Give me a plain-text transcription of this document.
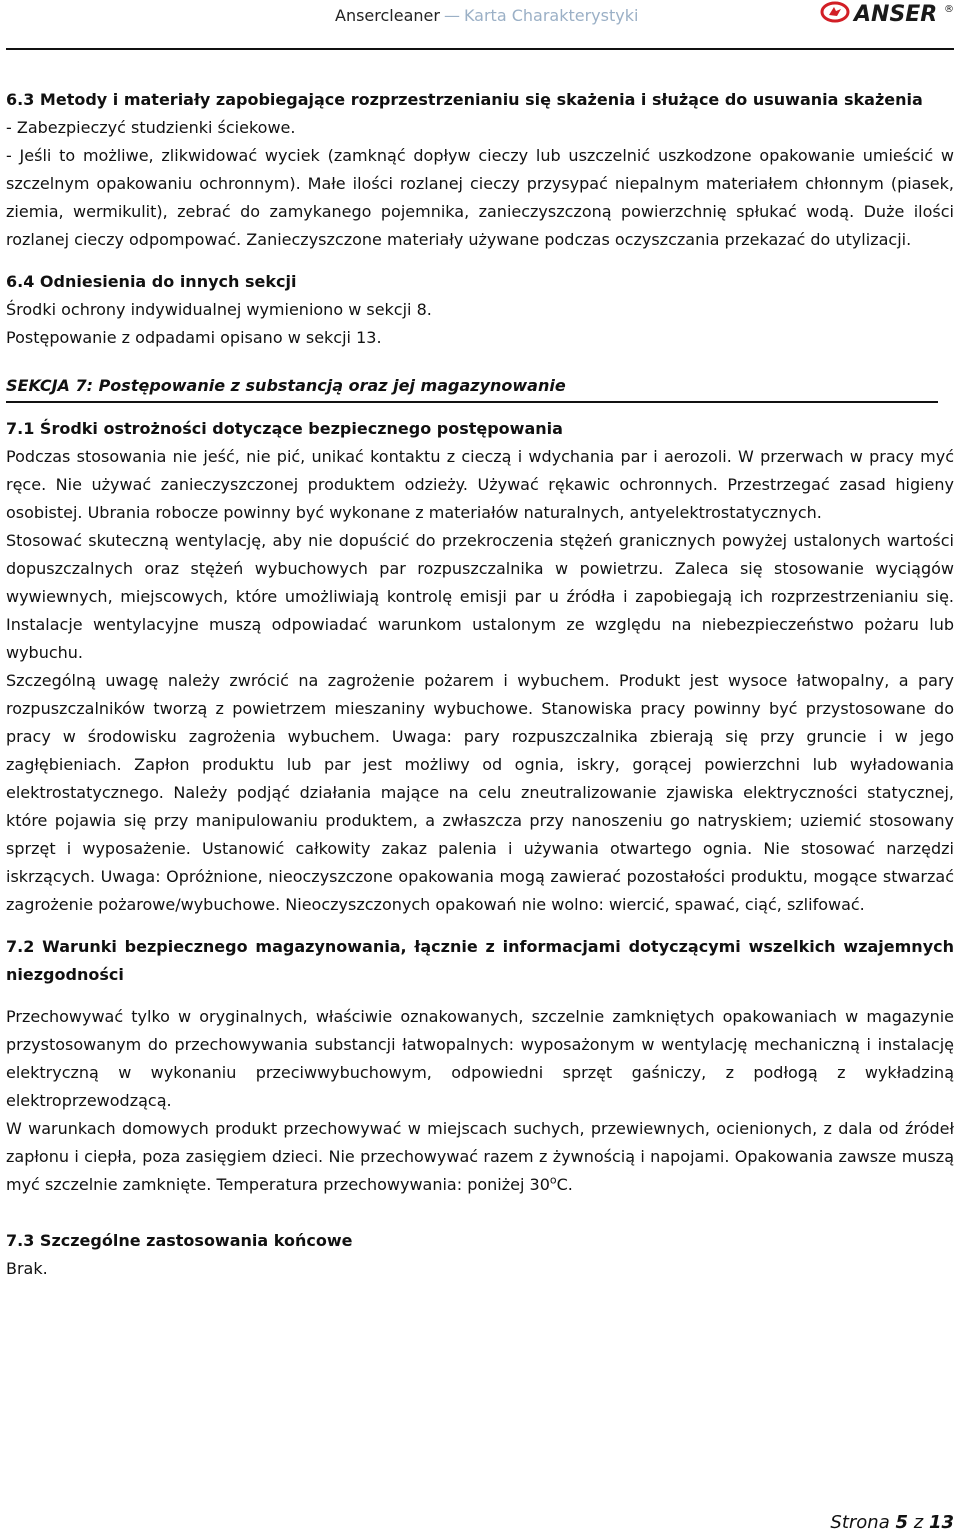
Ansercleaner — Karta Charakterystyki	ANSER ®

6.3 Metody i materiały zapobiegające rozprzestrzenianiu się skażenia i służące do usuwania skażenia

- Zabezpieczyć studzienki ściekowe.

- Jeśli to możliwe, zlikwidować wyciek (zamknąć dopływ cieczy lub uszczelnić uszkodzone opakowanie umieścić w szczelnym opakowaniu ochronnym). Małe ilości rozlanej cieczy przysypać niepalnym materiałem chłonnym (piasek, ziemia, wermikulit), zebrać do zamykanego pojemnika, zanieczyszczoną powierzchnię spłukać wodą. Duże ilości rozlanej cieczy odpompować. Zanieczyszczone materiały używane podczas oczyszczania przekazać do utylizacji.

6.4 Odniesienia do innych sekcji

Środki ochrony indywidualnej wymieniono w sekcji 8.

Postępowanie z odpadami opisano w sekcji 13.

SEKCJA 7: Postępowanie z substancją oraz jej magazynowanie

7.1 Środki ostrożności dotyczące bezpiecznego postępowania

Podczas stosowania nie jeść, nie pić, unikać kontaktu z cieczą i wdychania par i aerozoli. W przerwach w pracy myć ręce. Nie używać zanieczyszczonej produktem odzieży. Używać rękawic ochronnych. Przestrzegać zasad higieny osobistej. Ubrania robocze powinny być wykonane z materiałów naturalnych, antyelektrostatycznych.

Stosować skuteczną wentylację, aby nie dopuścić do przekroczenia stężeń granicznych powyżej ustalonych wartości dopuszczalnych oraz stężeń wybuchowych par rozpuszczalnika w powietrzu. Zaleca się stosowanie wyciągów wywiewnych, miejscowych, które umożliwiają kontrolę emisji par u źródła i zapobiegają ich rozprzestrzenianiu się. Instalacje wentylacyjne muszą odpowiadać warunkom ustalonym ze względu na niebezpieczeństwo pożaru lub wybuchu.

Szczególną uwagę należy zwrócić na zagrożenie pożarem i wybuchem. Produkt jest wysoce łatwopalny, a pary rozpuszczalników tworzą z powietrzem mieszaniny wybuchowe. Stanowiska pracy powinny być przystosowane do pracy w środowisku zagrożenia wybuchem. Uwaga: pary rozpuszczalnika zbierają się przy gruncie i w jego zagłębieniach. Zapłon produktu lub par jest możliwy od ognia, iskry, gorącej powierzchni lub wyładowania elektrostatycznego. Należy podjąć działania mające na celu zneutralizowanie zjawiska elektryczności statycznej, które pojawia się przy manipulowaniu produktem, a zwłaszcza przy nanoszeniu go natryskiem; uziemić stosowany sprzęt i wyposażenie. Ustanowić całkowity zakaz palenia i używania otwartego ognia. Nie stosować narzędzi iskrzących. Uwaga: Opróżnione, nieoczyszczone opakowania mogą zawierać pozostałości produktu, mogące stwarzać zagrożenie pożarowe/wybuchowe. Nieoczyszczonych opakowań nie wolno: wiercić, spawać, ciąć, szlifować.

7.2 Warunki bezpiecznego magazynowania, łącznie z informacjami dotyczącymi wszelkich wzajemnych niezgodności

Przechowywać tylko w oryginalnych, właściwie oznakowanych, szczelnie zamkniętych opakowaniach w magazynie przystosowanym do przechowywania substancji łatwopalnych: wyposażonym w wentylację mechaniczną i instalację elektryczną w wykonaniu przeciwwybuchowym, odpowiedni sprzęt gaśniczy, z podłogą z wykładziną elektroprzewodzącą.

W warunkach domowych produkt przechowywać w miejscach suchych, przewiewnych, ocienionych, z dala od źródeł zapłonu i ciepła, poza zasięgiem dzieci. Nie przechowywać razem z żywnością i napojami. Opakowania zawsze muszą myć szczelnie zamknięte. Temperatura przechowywania: poniżej 30$^o$C.

7.3 Szczególne zastosowania końcowe

Brak.

Strona 5 z 13
